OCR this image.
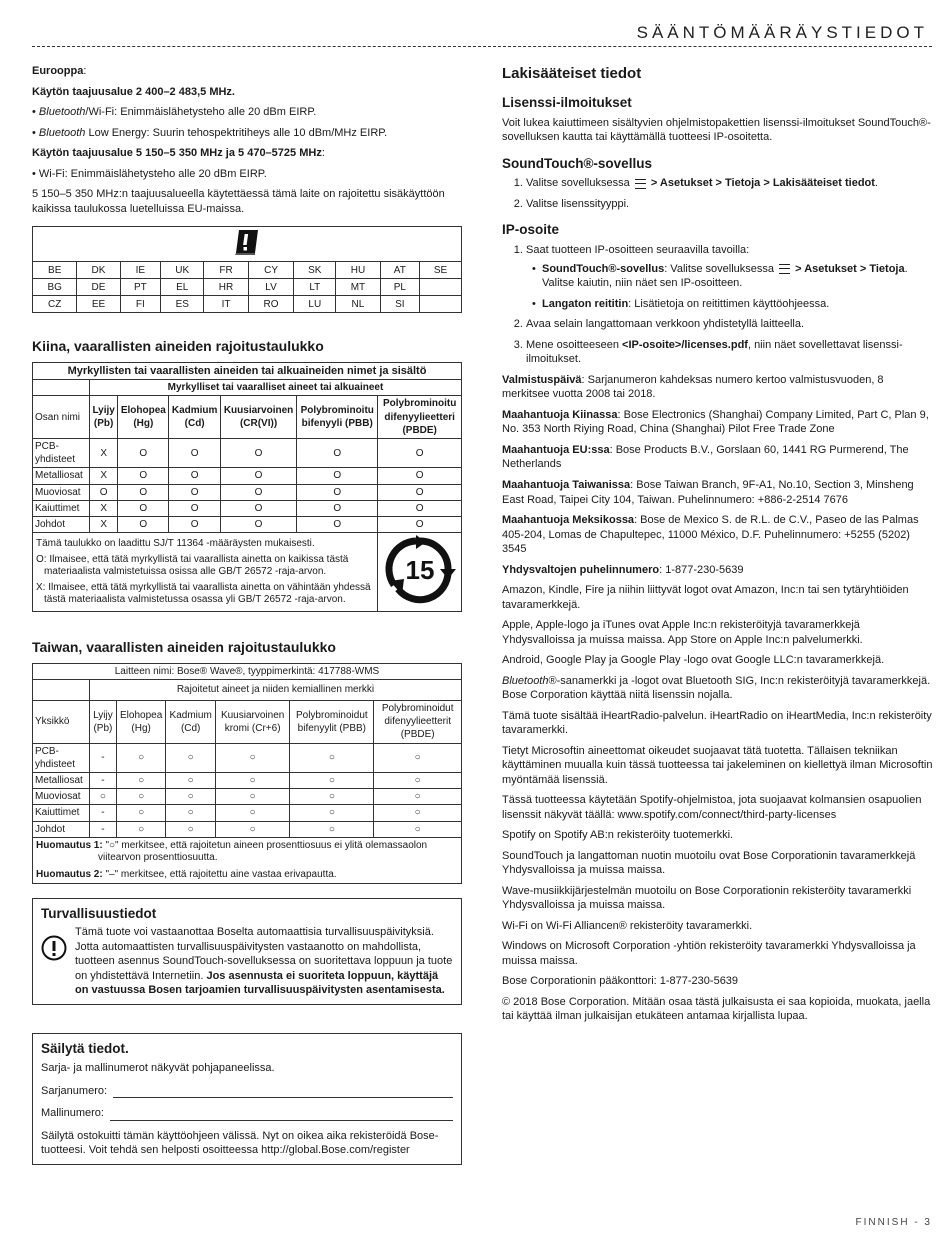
SÄÄNTÖMÄÄRÄYSTIEDOT

Eurooppa:

Käytön taajuusalue 2 400–2 483,5 MHz.

• Bluetooth/Wi-Fi: Enimmäislähetysteho alle 20 dBm EIRP.

• Bluetooth Low Energy: Suurin tehospektritiheys alle 10 dBm/MHz EIRP.

Käytön taajuusalue 5 150–5 350 MHz ja 5 470–5725 MHz:

• Wi-Fi: Enimmäislähetysteho alle 20 dBm EIRP.

5 150–5 350 MHz:n taajuusalueella käytettäessä tämä laite on rajoitettu sisäkäyttöön kaikissa taulukossa luetelluissa EU-maissa.

BE	DK	IE	UK	FR	CY	SK	HU	AT	SE
BG	DE	PT	EL	HR	LV	LT	MT	PL	
CZ	EE	FI	ES	IT	RO	LU	NL	SI	
Kiina, vaarallisten aineiden rajoitustaulukko
Myrkyllisten tai vaarallisten aineiden tai alkuaineiden nimet ja sisältö						
	Myrkylliset tai vaaralliset aineet tai alkuaineet					
Osan nimi	Lyijy (Pb)	Elohopea (Hg)	Kadmium (Cd)	Kuusiarvoinen (CR(VI))	Polybrominoitu bifenyyli (PBB)	Polybrominoitu difenyylieetteri (PBDE)
PCB-yhdisteet	X	O	O	O	O	O
Metalliosat	X	O	O	O	O	O
Muoviosat	O	O	O	O	O	O
Kaiuttimet	X	O	O	O	O	O
Johdot	X	O	O	O	O	O

Tämä taulukko on laadittu SJ/T 11364 -määräysten mukaisesti.
O: Ilmaisee, että tätä myrkyllistä tai vaarallista ainetta on kaikissa tästä materiaalista valmistetuissa osissa alle GB/T 26572 -raja-arvon.
X: Ilmaisee, että tätä myrkyllistä tai vaarallista ainetta on vähintään yhdessä tästä materiaalista valmistetussa osassa yli GB/T 26572 -raja-arvon.						15
Taiwan, vaarallisten aineiden rajoitustaulukko
Laitteen nimi: Bose® Wave®, tyyppimerkintä: 417788-WMS						
	Rajoitetut aineet ja niiden kemiallinen merkki					
Yksikkö	Lyijy (Pb)	Elohopea (Hg)	Kadmium (Cd)	Kuusiarvoinen kromi (Cr+6)	Polybrominoidut bifenyylit (PBB)	Polybrominoidut difenyylieetterit (PBDE)
PCB-yhdisteet	-	○	○	○	○	○
Metalliosat	-	○	○	○	○	○
Muoviosat	○	○	○	○	○	○
Kaiuttimet	-	○	○	○	○	○
Johdot	-	○	○	○	○	○

Huomautus 1: "○" merkitsee, että rajoitetun aineen prosenttiosuus ei ylitä olemassaolon viitearvon prosenttiosuutta.
Huomautus 2: "–" merkitsee, että rajoitettu aine vastaa erivapautta.						
Turvallisuustiedot

Tämä tuote voi vastaanottaa Boselta automaattisia turvallisuuspäivityksiä. Jotta automaattisten turvallisuuspäivitysten vastaanotto on mahdollista, tuotteen asennus SoundTouch-sovelluksessa on suoritettava loppuun ja tuote on yhdistettävä Internetiin. Jos asennusta ei suoriteta loppuun, käyttäjä on vastuussa Bosen tarjoamien turvallisuuspäivitysten asentamisesta.

Säilytä tiedot.

Sarja- ja mallinumerot näkyvät pohjapaneelissa.

Sarjanumero:

Mallinumero:

Säilytä ostokuitti tämän käyttöohjeen välissä. Nyt on oikea aika rekisteröidä Bose-tuotteesi. Voit tehdä sen helposti osoitteessa http://global.Bose.com/register

Lakisääteiset tiedot
Lisenssi-ilmoitukset

Voit lukea kaiuttimeen sisältyvien ohjelmistopakettien lisenssi-ilmoitukset SoundTouch®-sovelluksen kautta tai käyttämällä tuotteesi IP-osoitetta.

SoundTouch®-sovellus
1. Valitse sovelluksessa  > Asetukset > Tietoja > Lakisääteiset tiedot.
2. Valitse lisenssityyppi.
IP-osoite
1. Saat tuotteen IP-osoitteen seuraavilla tavoilla:
• SoundTouch®-sovellus: Valitse sovelluksessa  > Asetukset > Tietoja. Valitse kaiutin, niin näet sen IP-osoitteen.
• Langaton reititin: Lisätietoja on reitittimen käyttöohjeessa.
2. Avaa selain langattomaan verkkoon yhdistetyllä laitteella.
3. Mene osoitteeseen <IP-osoite>/licenses.pdf, niin näet sovellettavat lisenssi-ilmoitukset.

Valmistuspäivä: Sarjanumeron kahdeksas numero kertoo valmistusvuoden, 8 merkitsee vuotta 2008 tai 2018.

Maahantuoja Kiinassa: Bose Electronics (Shanghai) Company Limited, Part C, Plan 9, No. 353 North Riying Road, China (Shanghai) Pilot Free Trade Zone

Maahantuoja EU:ssa: Bose Products B.V., Gorslaan 60, 1441 RG Purmerend, The Netherlands

Maahantuoja Taiwanissa: Bose Taiwan Branch, 9F-A1, No.10, Section 3, Minsheng East Road, Taipei City 104, Taiwan. Puhelinnumero: +886-2-2514 7676

Maahantuoja Meksikossa: Bose de Mexico S. de R.L. de C.V., Paseo de las Palmas 405-204, Lomas de Chapultepec, 11000 México, D.F. Puhelinnumero: +5255 (5202) 3545

Yhdysvaltojen puhelinnumero: 1-877-230-5639

Amazon, Kindle, Fire ja niihin liittyvät logot ovat Amazon, Inc:n tai sen tytäryhtiöiden tavaramerkkejä.

Apple, Apple-logo ja iTunes ovat Apple Inc:n rekisteröityjä tavaramerkkejä Yhdysvalloissa ja muissa maissa. App Store on Apple Inc:n palvelumerkki.

Android, Google Play ja Google Play -logo ovat Google LLC:n tavaramerkkejä.

Bluetooth®-sanamerkki ja -logot ovat Bluetooth SIG, Inc:n rekisteröityjä tavaramerkkejä. Bose Corporation käyttää niitä lisenssin nojalla.

Tämä tuote sisältää iHeartRadio-palvelun. iHeartRadio on iHeartMedia, Inc:n rekisteröity tavaramerkki.

Tietyt Microsoftin aineettomat oikeudet suojaavat tätä tuotetta. Tällaisen tekniikan käyttäminen muualla kuin tässä tuotteessa tai jakeleminen on kiellettyä ilman Microsoftin myöntämää lisenssiä.

Tässä tuotteessa käytetään Spotify-ohjelmistoa, jota suojaavat kolmansien osapuolien lisenssit näkyvät täällä: www.spotify.com/connect/third-party-licenses

Spotify on Spotify AB:n rekisteröity tuotemerkki.

SoundTouch ja langattoman nuotin muotoilu ovat Bose Corporationin tavaramerkkejä Yhdysvalloissa ja muissa maissa.

Wave-musiikkijärjestelmän muotoilu on Bose Corporationin rekisteröity tavaramerkki Yhdysvalloissa ja muissa maissa.

Wi-Fi on Wi-Fi Alliancen® rekisteröity tavaramerkki.

Windows on Microsoft Corporation -yhtiön rekisteröity tavaramerkki Yhdysvalloissa ja muissa maissa.

Bose Corporationin pääkonttori: 1-877-230-5639

© 2018 Bose Corporation. Mitään osaa tästä julkaisusta ei saa kopioida, muokata, jaella tai käyttää ilman julkaisijan etukäteen antamaa kirjallista lupaa.

FINNISH - 3
